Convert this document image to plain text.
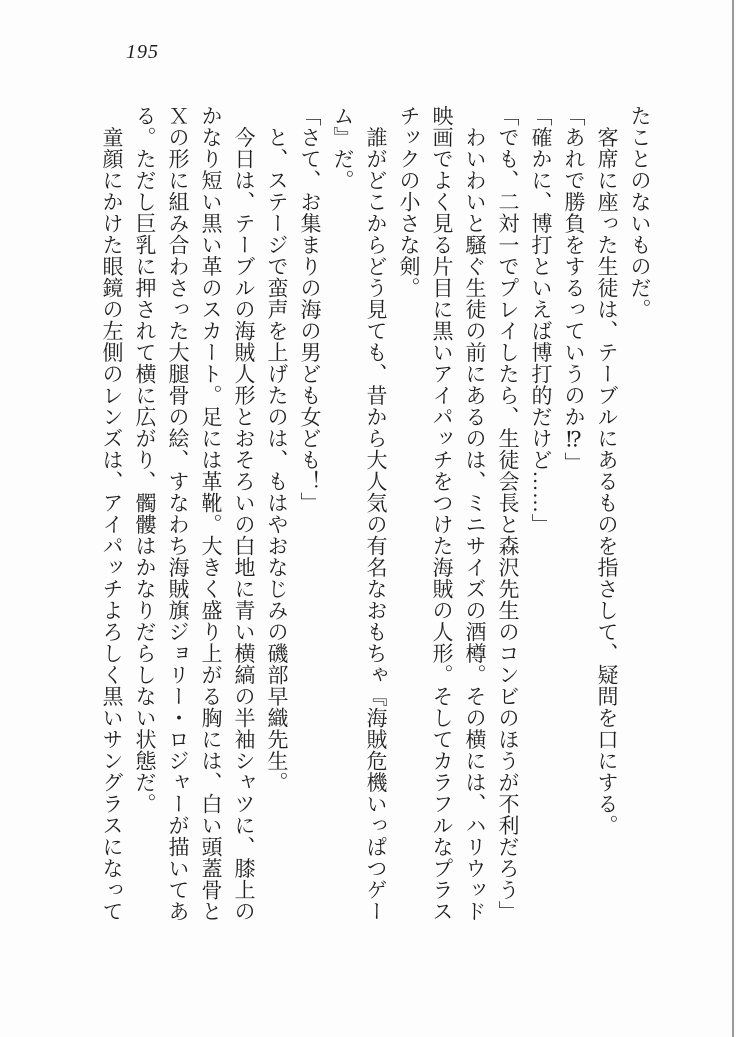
195

たことのないものだ。

　客席に座った生徒は、テーブルにあるものを指さして、疑問を口にする。

「あれで勝負をするっていうのか⁉」

「確かに、博打といえば博打的だけど……」

「でも、二対一でプレイしたら、生徒会長と森沢先生のコンビのほうが不利だろう」

　わいわいと騒ぐ生徒の前にあるのは、ミニサイズの酒樽。その横には、ハリウッド

映画でよく見る片目に黒いアイパッチをつけた海賊の人形。そしてカラフルなプラス

チックの小さな剣。

　誰がどこからどう見ても、昔から大人気の有名なおもちゃ『海賊危機いっぱつゲー

ム』だ。

「さて、お集まりの海の男ども女ども！」

　と、ステージで蛮声を上げたのは、もはやおなじみの磯部早織先生。

　今日は、テーブルの海賊人形とおそろいの白地に青い横縞の半袖シャツに、膝上の

かなり短い黒い革のスカート。足には革靴。大きく盛り上がる胸には、白い頭蓋骨と

Ｘの形に組み合わさった大腿骨の絵、すなわち海賊旗ジョリー・ロジャーが描いてあ

る。ただし巨乳に押されて横に広がり、髑髏はかなりだらしない状態だ。

　童顔にかけた眼鏡の左側のレンズは、アイパッチよろしく黒いサングラスになって
